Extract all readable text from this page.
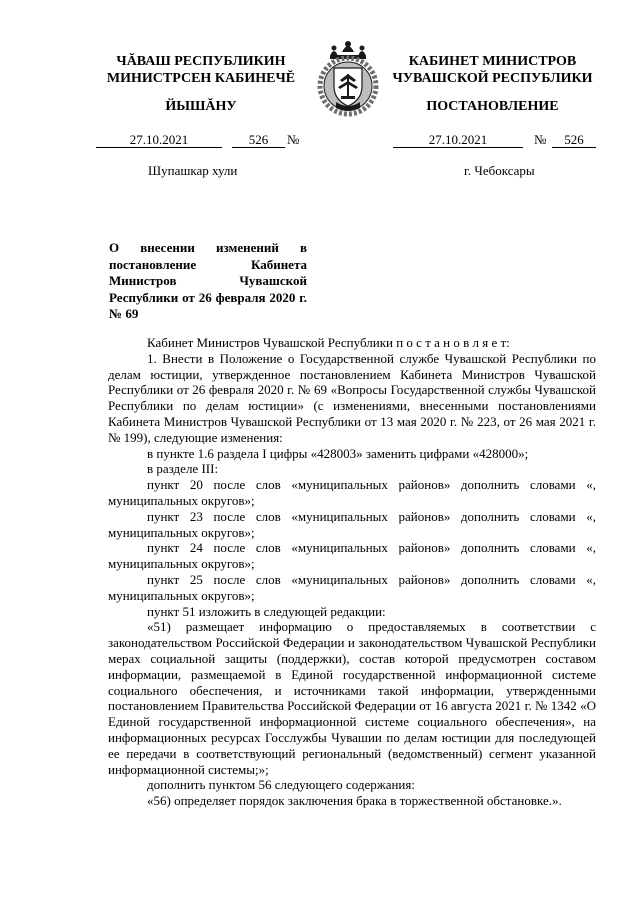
ЧĂВАШ РЕСПУБЛИКИН
МИНИСТРСЕН КАБИНЕЧĔ
ЙЫШĂНУ
КАБИНЕТ МИНИСТРОВ
ЧУВАШСКОЙ РЕСПУБЛИКИ
ПОСТАНОВЛЕНИЕ
27.10.2021	526	№	27.10.2021	№	526
Шупашкар хули	г. Чебоксары
О внесении изменений в постановление Кабинета Министров Чувашской Республики от 26 февраля 2020 г. № 69

Кабинет Министров Чувашской Республики п о с т а н о в л я е т:

1. Внести в Положение о Государственной службе Чувашской Республики по делам юстиции, утвержденное постановлением Кабинета Министров Чувашской Республики от 26 февраля 2020 г. № 69 «Вопросы Государственной службы Чувашской Республики по делам юстиции» (с изменениями, внесенными постановлениями Кабинета Министров Чувашской Республики от 13 мая 2020 г. № 223, от 26 мая 2021 г. № 199), следующие изменения:

в пункте 1.6 раздела I цифры «428003» заменить цифрами «428000»;

в разделе III:

пункт 20 после слов «муниципальных районов» дополнить словами «, муниципальных округов»;

пункт 23 после слов «муниципальных районов» дополнить словами «, муниципальных округов»;

пункт 24 после слов «муниципальных районов» дополнить словами «, муниципальных округов»;

пункт 25 после слов «муниципальных районов» дополнить словами «, муниципальных округов»;

пункт 51 изложить в следующей редакции:

«51) размещает информацию о предоставляемых в соответствии с законодательством Российской Федерации и законодательством Чувашской Республики мерах социальной защиты (поддержки), состав которой предусмотрен составом информации, размещаемой в Единой государственной информационной системе социального обеспечения, и источниками такой информации, утвержденными постановлением Правительства Российской Федерации от 16 августа 2021 г. № 1342 «О Единой государственной информационной системе социального обеспечения», на информационных ресурсах Госслужбы Чувашии по делам юстиции для последующей ее передачи в соответствующий региональный (ведомственный) сегмент указанной информационной системы;»;

дополнить пунктом 56 следующего содержания:

«56) определяет порядок заключения брака в торжественной обстановке.».
